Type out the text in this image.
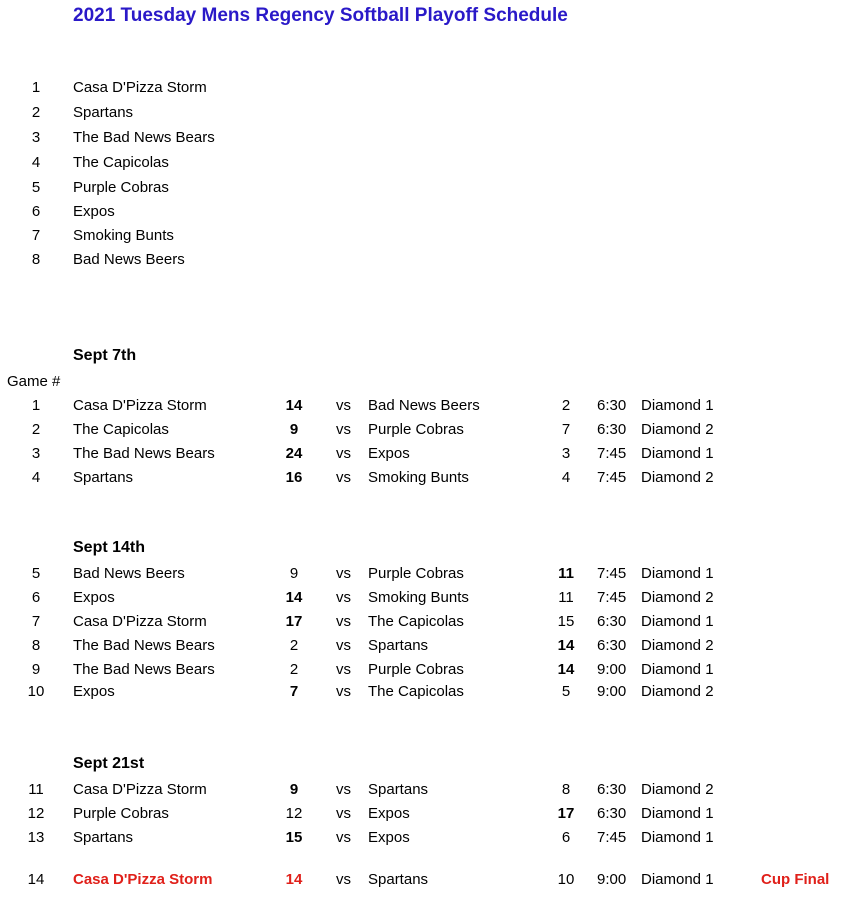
2021 Tuesday Mens Regency Softball Playoff Schedule
1	Casa D'Pizza Storm
2	Spartans
3	The Bad News Bears
4	The Capicolas
5	Purple Cobras
6	Expos
7	Smoking Bunts
8	Bad News Beers
Sept 7th
Game #
1	Casa D'Pizza Storm	14	vs Bad News Beers	2	6:30 Diamond 1
2	The Capicolas	9	vs Purple Cobras	7	6:30 Diamond 2
3	The Bad News Bears	24	vs Expos	3	7:45 Diamond 1
4	Spartans	16	vs Smoking Bunts	4	7:45 Diamond 2
Sept 14th
5	Bad News Beers	9	vs Purple Cobras	11	7:45 Diamond 1
6	Expos	14	vs Smoking Bunts	11	7:45 Diamond 2
7	Casa D'Pizza Storm	17	vs The Capicolas	15	6:30 Diamond 1
8	The Bad News Bears	2	vs Spartans	14	6:30 Diamond 2
9	The Bad News Bears	2	vs Purple Cobras	14	9:00 Diamond 1
10	Expos	7	vs The Capicolas	5	9:00 Diamond 2
Sept 21st
11	Casa D'Pizza Storm	9	vs Spartans	8	6:30 Diamond 2
12	Purple Cobras	12	vs Expos	17	6:30 Diamond 1
13	Spartans	15	vs Expos	6	7:45 Diamond 1
14	Casa D'Pizza Storm	14	vs Spartans	10	9:00 Diamond 1	Cup Final
